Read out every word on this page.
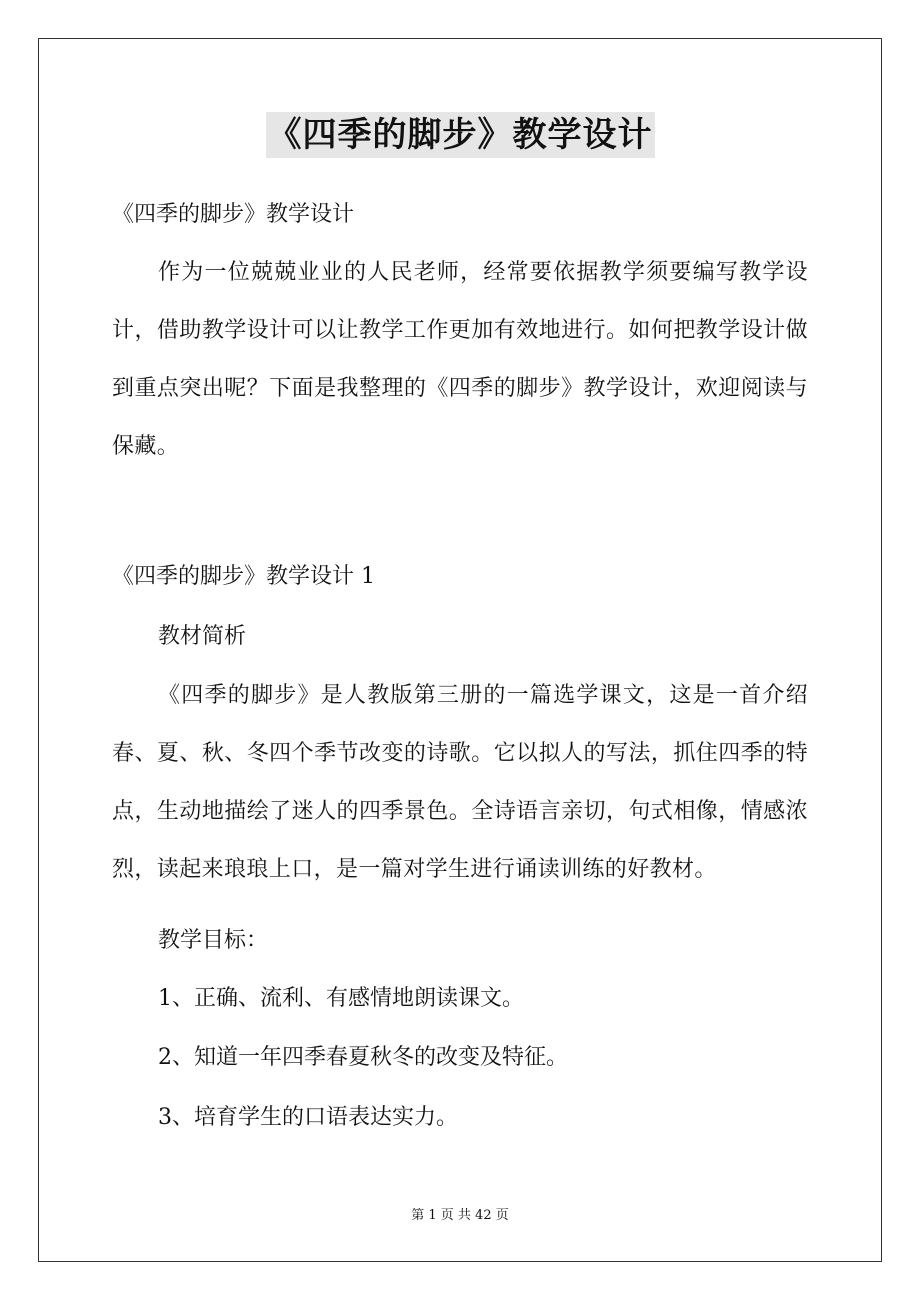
《四季的脚步》教学设计
《四季的脚步》教学设计
作为一位兢兢业业的人民老师，经常要依据教学须要编写教学设计，借助教学设计可以让教学工作更加有效地进行。如何把教学设计做到重点突出呢？下面是我整理的《四季的脚步》教学设计，欢迎阅读与保藏。
《四季的脚步》教学设计 1
教材简析
《四季的脚步》是人教版第三册的一篇选学课文，这是一首介绍春、夏、秋、冬四个季节改变的诗歌。它以拟人的写法，抓住四季的特点，生动地描绘了迷人的四季景色。全诗语言亲切，句式相像，情感浓烈，读起来琅琅上口，是一篇对学生进行诵读训练的好教材。
教学目标：
1、正确、流利、有感情地朗读课文。
2、知道一年四季春夏秋冬的改变及特征。
3、培育学生的口语表达实力。
第 1 页 共 42 页
